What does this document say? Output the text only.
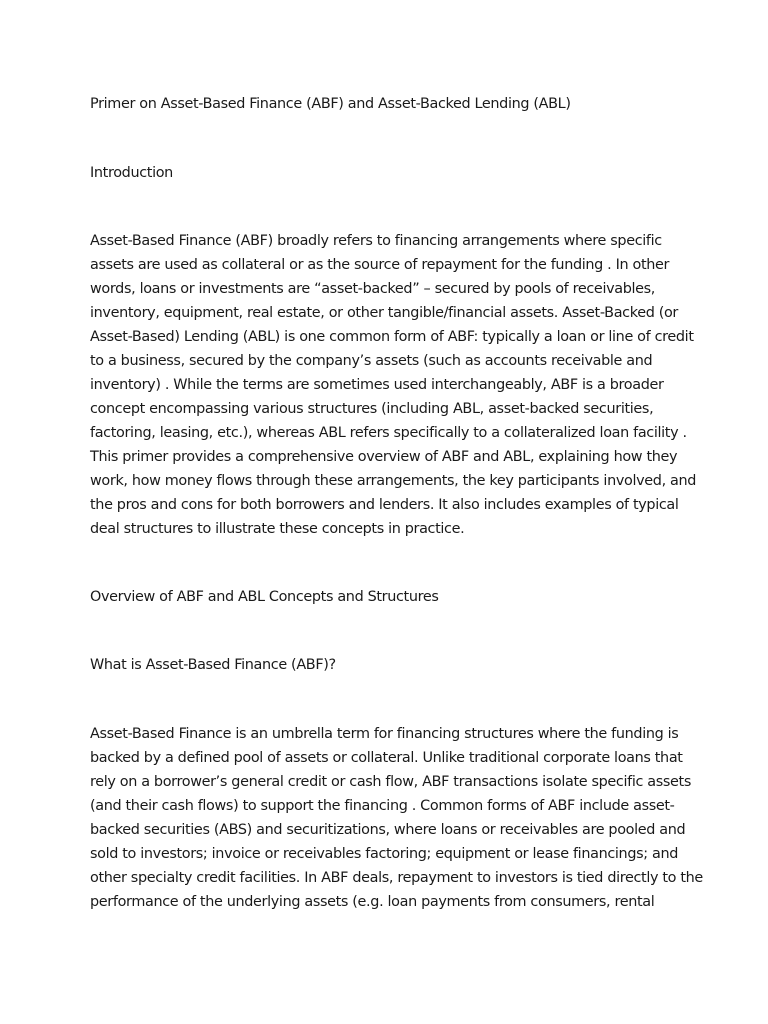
Primer on Asset-Based Finance (ABF) and Asset-Backed Lending (ABL)
Introduction
Asset-Based Finance (ABF) broadly refers to financing arrangements where specific
assets are used as collateral or as the source of repayment for the funding . In other
words, loans or investments are “asset-backed” – secured by pools of receivables,
inventory, equipment, real estate, or other tangible/financial assets. Asset-Backed (or
Asset-Based) Lending (ABL) is one common form of ABF: typically a loan or line of credit
to a business, secured by the company’s assets (such as accounts receivable and
inventory) . While the terms are sometimes used interchangeably, ABF is a broader
concept encompassing various structures (including ABL, asset-backed securities,
factoring, leasing, etc.), whereas ABL refers specifically to a collateralized loan facility .
This primer provides a comprehensive overview of ABF and ABL, explaining how they
work, how money flows through these arrangements, the key participants involved, and
the pros and cons for both borrowers and lenders. It also includes examples of typical
deal structures to illustrate these concepts in practice.
Overview of ABF and ABL Concepts and Structures
What is Asset-Based Finance (ABF)?
Asset-Based Finance is an umbrella term for financing structures where the funding is
backed by a defined pool of assets or collateral. Unlike traditional corporate loans that
rely on a borrower’s general credit or cash flow, ABF transactions isolate specific assets
(and their cash flows) to support the financing . Common forms of ABF include asset-
backed securities (ABS) and securitizations, where loans or receivables are pooled and
sold to investors; invoice or receivables factoring; equipment or lease financings; and
other specialty credit facilities. In ABF deals, repayment to investors is tied directly to the
performance of the underlying assets (e.g. loan payments from consumers, rental
